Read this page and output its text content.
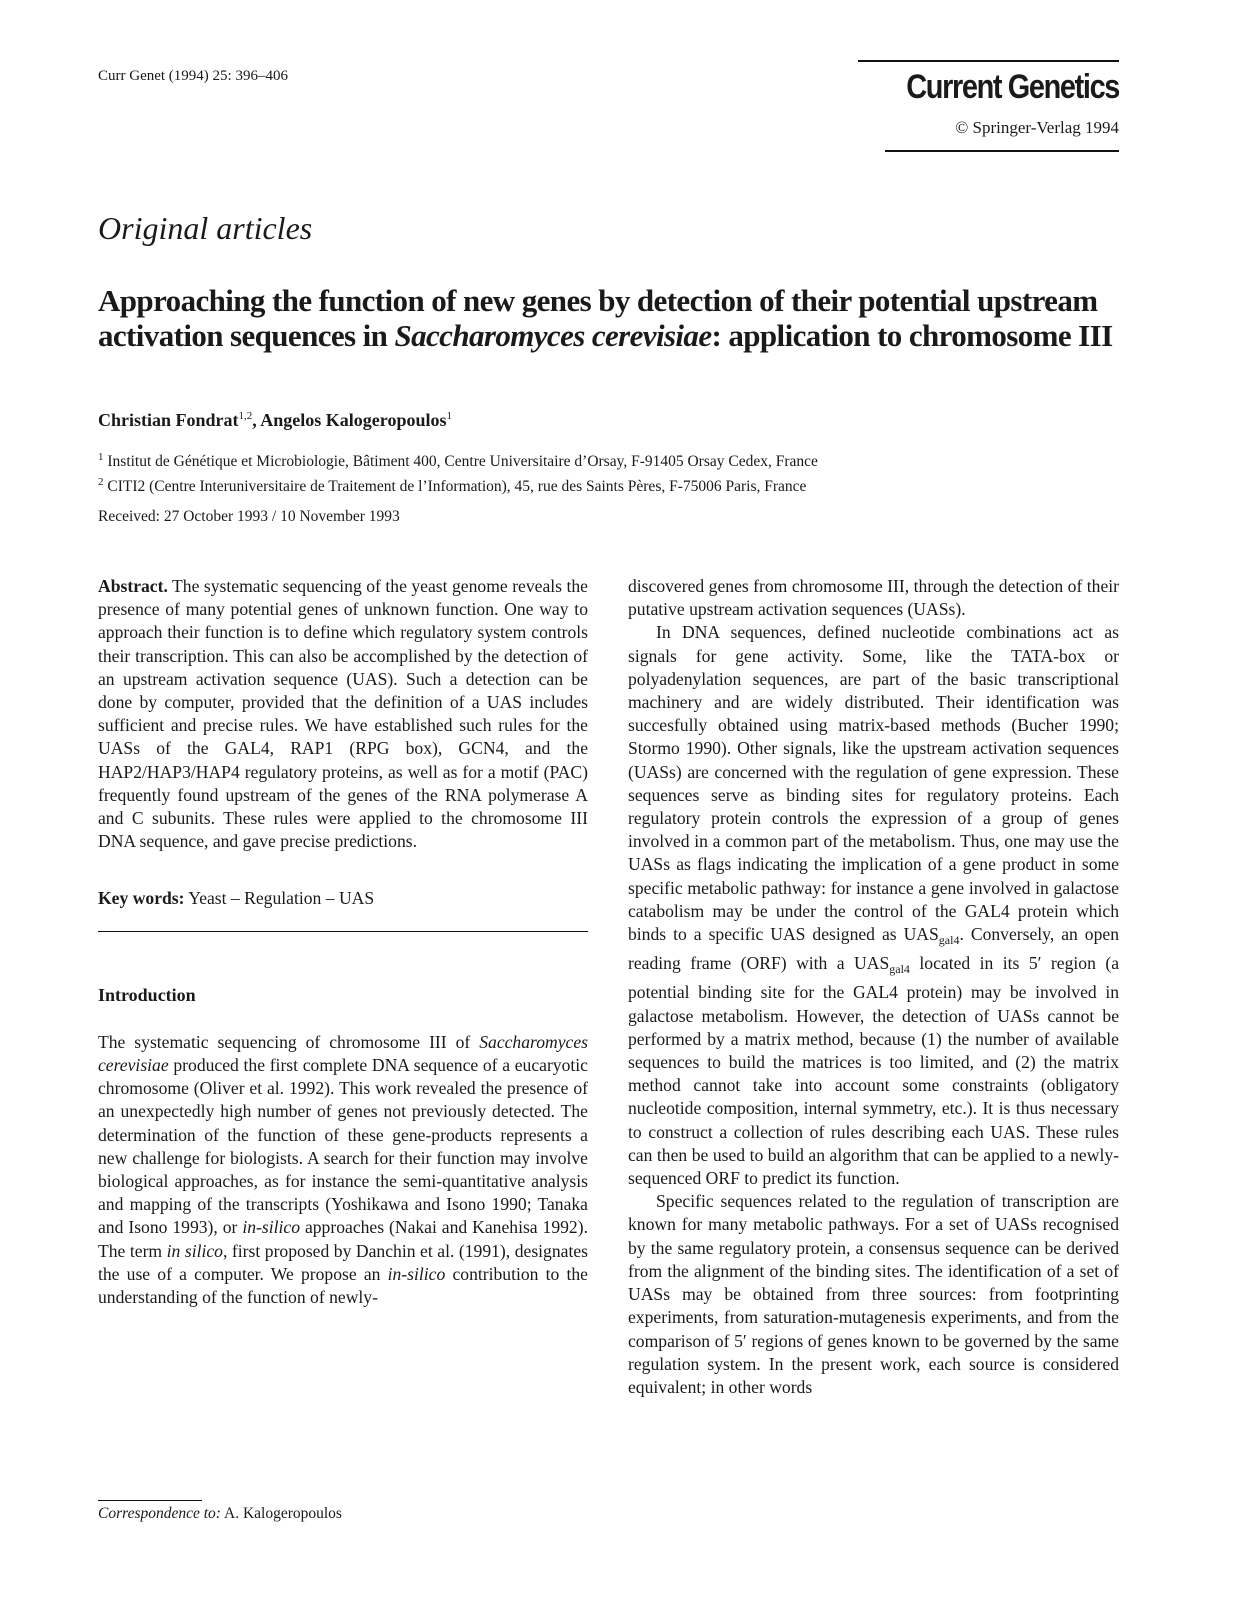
Curr Genet (1994) 25: 396–406	Current Genetics
© Springer-Verlag 1994
Original articles
Approaching the function of new genes by detection of their potential upstream activation sequences in Saccharomyces cerevisiae: application to chromosome III
Christian Fondrat$^{1,2}$, Angelos Kalogeropoulos$^1$
$^1$ Institut de Génétique et Microbiologie, Bâtiment 400, Centre Universitaire d’Orsay, F-91405 Orsay Cedex, France
$^2$ CITI2 (Centre Interuniversitaire de Traitement de l’Information), 45, rue des Saints Pères, F-75006 Paris, France
Received: 27 October 1993 / 10 November 1993

Abstract. The systematic sequencing of the yeast genome reveals the presence of many potential genes of unknown function. One way to approach their function is to define which regulatory system controls their transcription. This can also be accomplished by the detection of an upstream activation sequence (UAS). Such a detection can be done by computer, provided that the definition of a UAS includes sufficient and precise rules. We have established such rules for the UASs of the GAL4, RAP1 (RPG box), GCN4, and the HAP2/HAP3/HAP4 regulatory proteins, as well as for a motif (PAC) frequently found upstream of the genes of the RNA polymerase A and C subunits. These rules were applied to the chromosome III DNA sequence, and gave precise predictions.

Key words: Yeast – Regulation – UAS

Introduction

The systematic sequencing of chromosome III of Saccharomyces cerevisiae produced the first complete DNA sequence of a eucaryotic chromosome (Oliver et al. 1992). This work revealed the presence of an unexpectedly high number of genes not previously detected. The determination of the function of these gene-products represents a new challenge for biologists. A search for their function may involve biological approaches, as for instance the semi-quantitative analysis and mapping of the transcripts (Yoshikawa and Isono 1990; Tanaka and Isono 1993), or in-silico approaches (Nakai and Kanehisa 1992). The term in silico, first proposed by Danchin et al. (1991), designates the use of a computer. We propose an in-silico contribution to the understanding of the function of newly-

discovered genes from chromosome III, through the detection of their putative upstream activation sequences (UASs).

In DNA sequences, defined nucleotide combinations act as signals for gene activity. Some, like the TATA-box or polyadenylation sequences, are part of the basic transcriptional machinery and are widely distributed. Their identification was succesfully obtained using matrix-based methods (Bucher 1990; Stormo 1990). Other signals, like the upstream activation sequences (UASs) are concerned with the regulation of gene expression. These sequences serve as binding sites for regulatory proteins. Each regulatory protein controls the expression of a group of genes involved in a common part of the metabolism. Thus, one may use the UASs as flags indicating the implication of a gene product in some specific metabolic pathway: for instance a gene involved in galactose catabolism may be under the control of the GAL4 protein which binds to a specific UAS designed as $UAS_{gal4}$. Conversely, an open reading frame (ORF) with a $UAS_{gal4}$ located in its 5′ region (a potential binding site for the GAL4 protein) may be involved in galactose metabolism. However, the detection of UASs cannot be performed by a matrix method, because (1) the number of available sequences to build the matrices is too limited, and (2) the matrix method cannot take into account some constraints (obligatory nucleotide composition, internal symmetry, etc.). It is thus necessary to construct a collection of rules describing each UAS. These rules can then be used to build an algorithm that can be applied to a newly-sequenced ORF to predict its function.

Specific sequences related to the regulation of transcription are known for many metabolic pathways. For a set of UASs recognised by the same regulatory protein, a consensus sequence can be derived from the alignment of the binding sites. The identification of a set of UASs may be obtained from three sources: from footprinting experiments, from saturation-mutagenesis experiments, and from the comparison of 5′ regions of genes known to be governed by the same regulation system. In the present work, each source is considered equivalent; in other words

Correspondence to: A. Kalogeropoulos
